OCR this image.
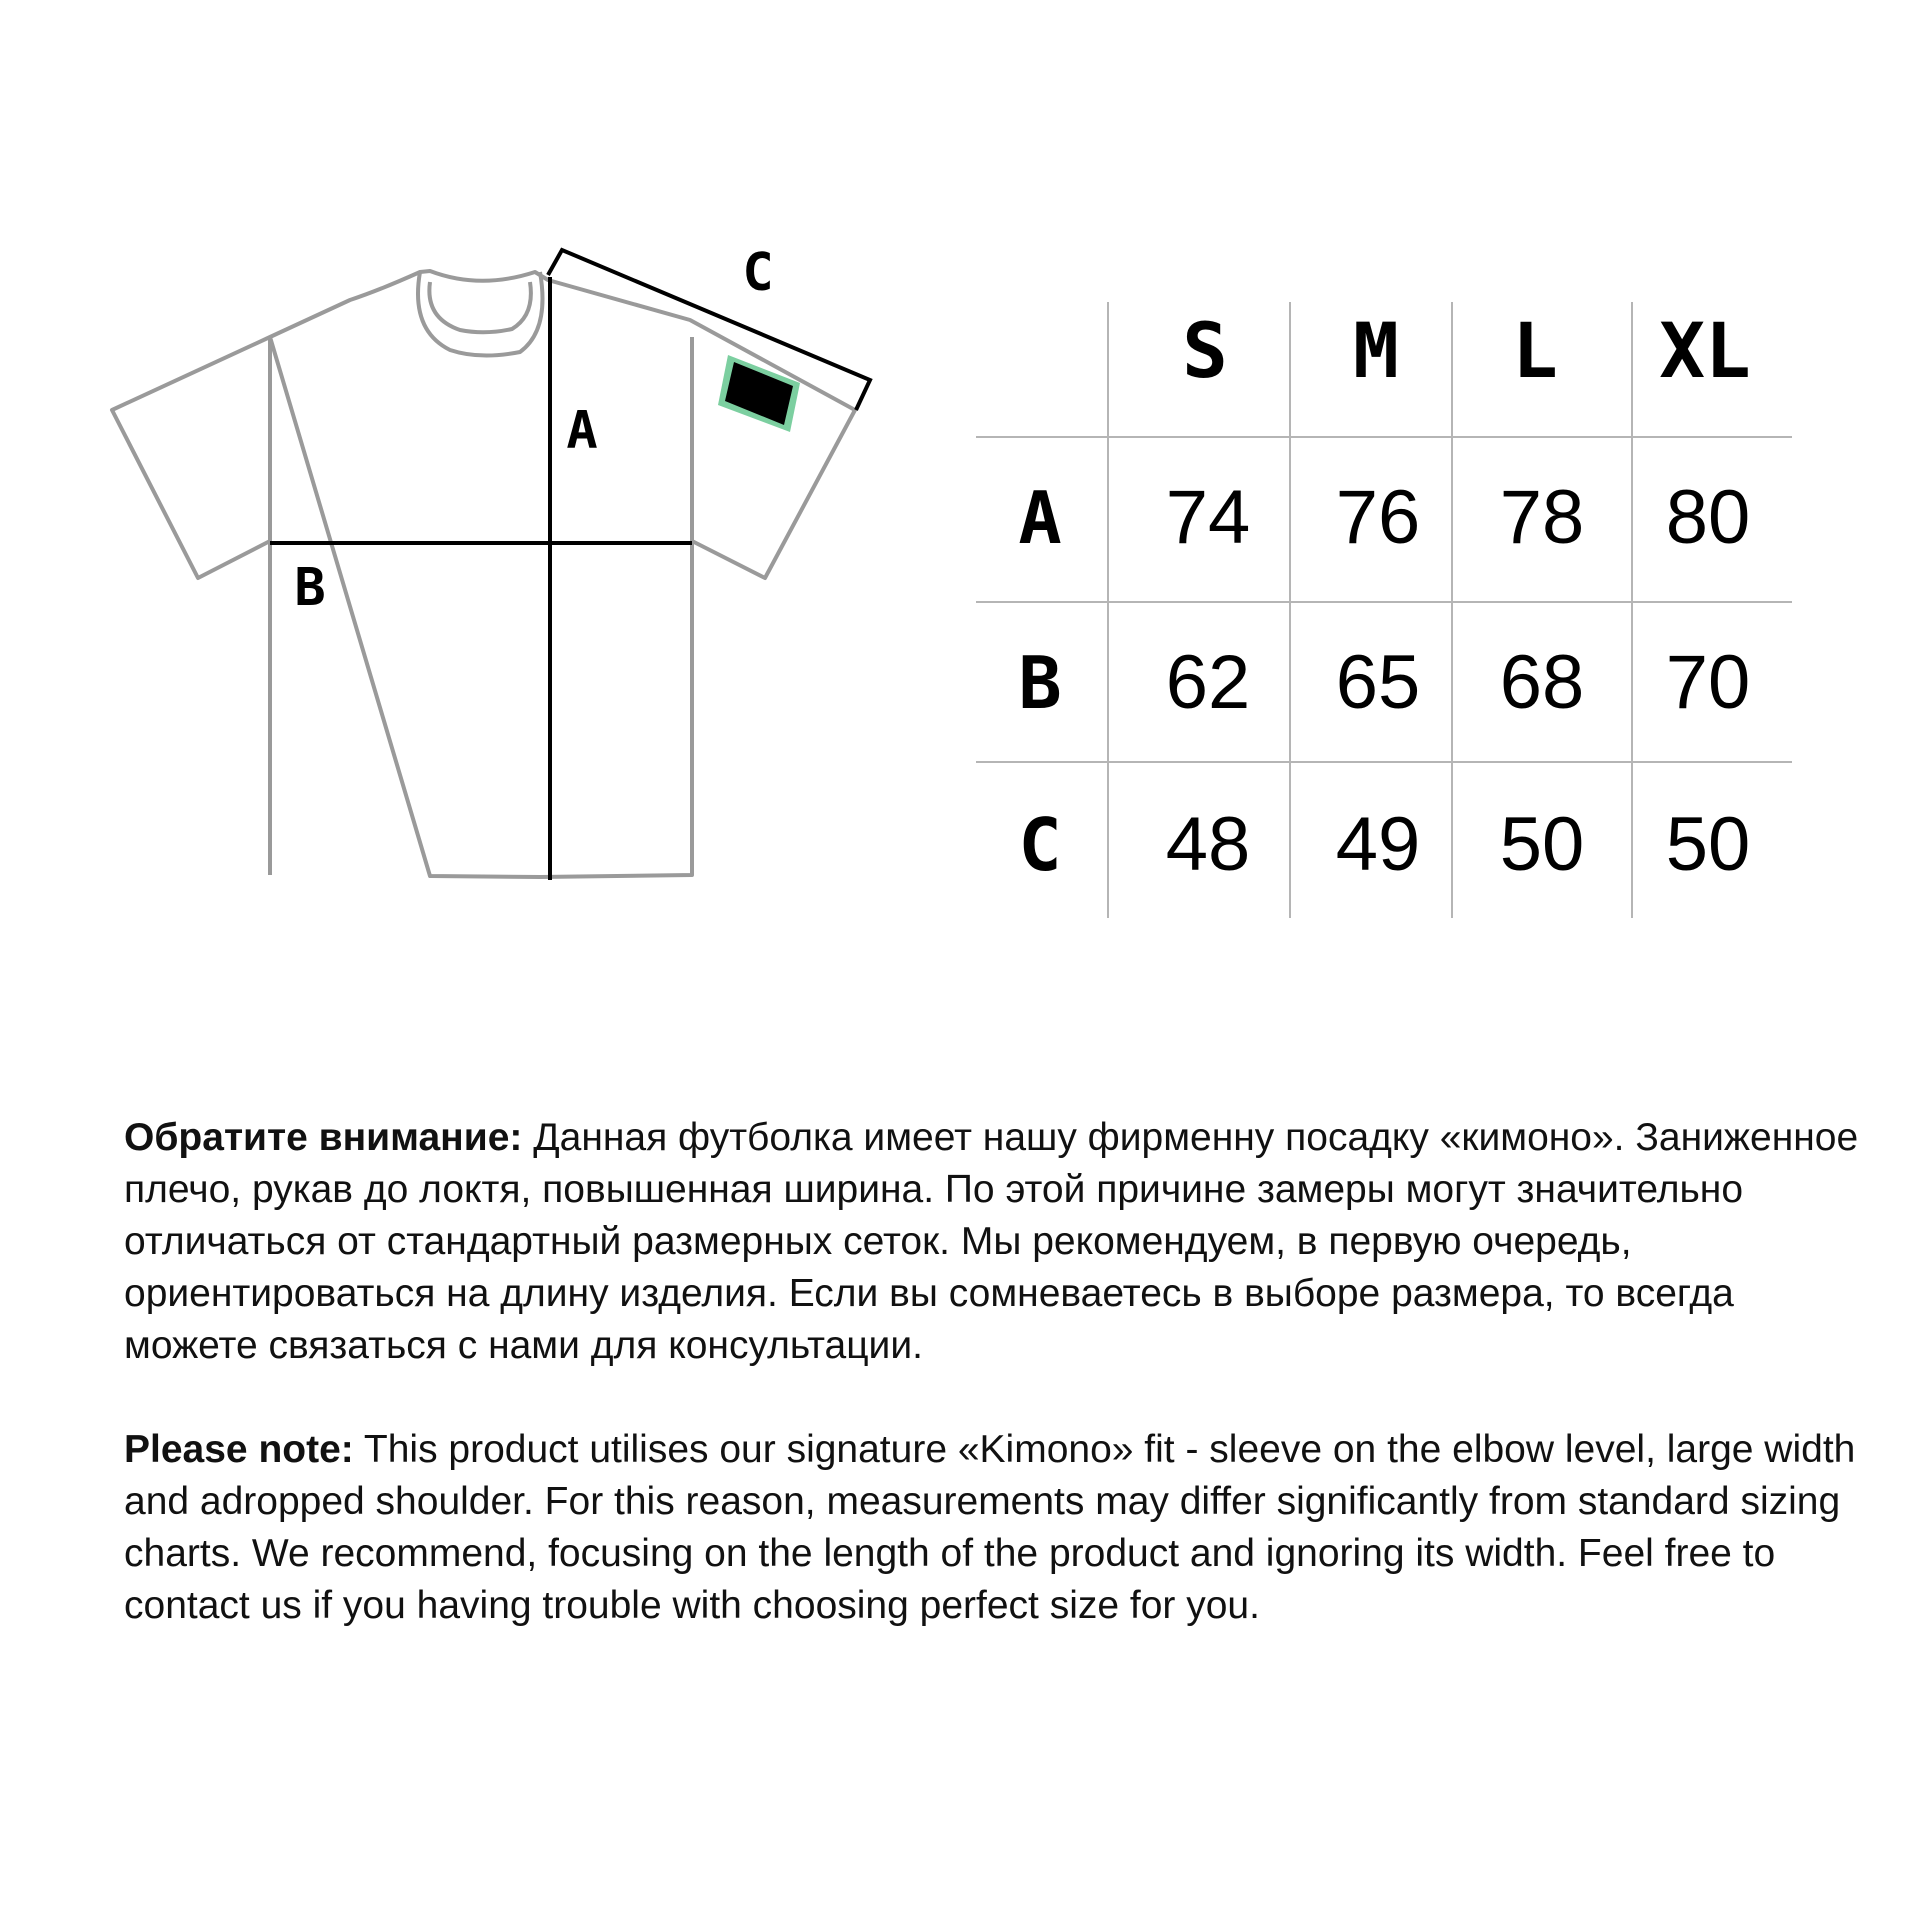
A
B
C
S M L XL
A 74 76 78 80
B 62 65 68 70
C 48 49 50 50

Обратите внимание: Данная футболка имеет нашу фирменну посадку «кимоно». Заниженное плечо, рукав до локтя, повышенная ширина. По этой причине замеры могут значительно отличаться от стандартный размерных сеток. Мы рекомендуем, в первую очередь, ориентироваться на длину изделия. Если вы сомневаетесь в выборе размера, то всегда можете связаться с нами для консультации.

Please note: This product utilises our signature «Kimono» fit - sleeve on the elbow level, large width and adropped shoulder. For this reason, measurements may differ significantly from standard sizing charts. We recommend, focusing on the length of the product and ignoring its width. Feel free to contact us if you having trouble with choosing perfect size for you.
